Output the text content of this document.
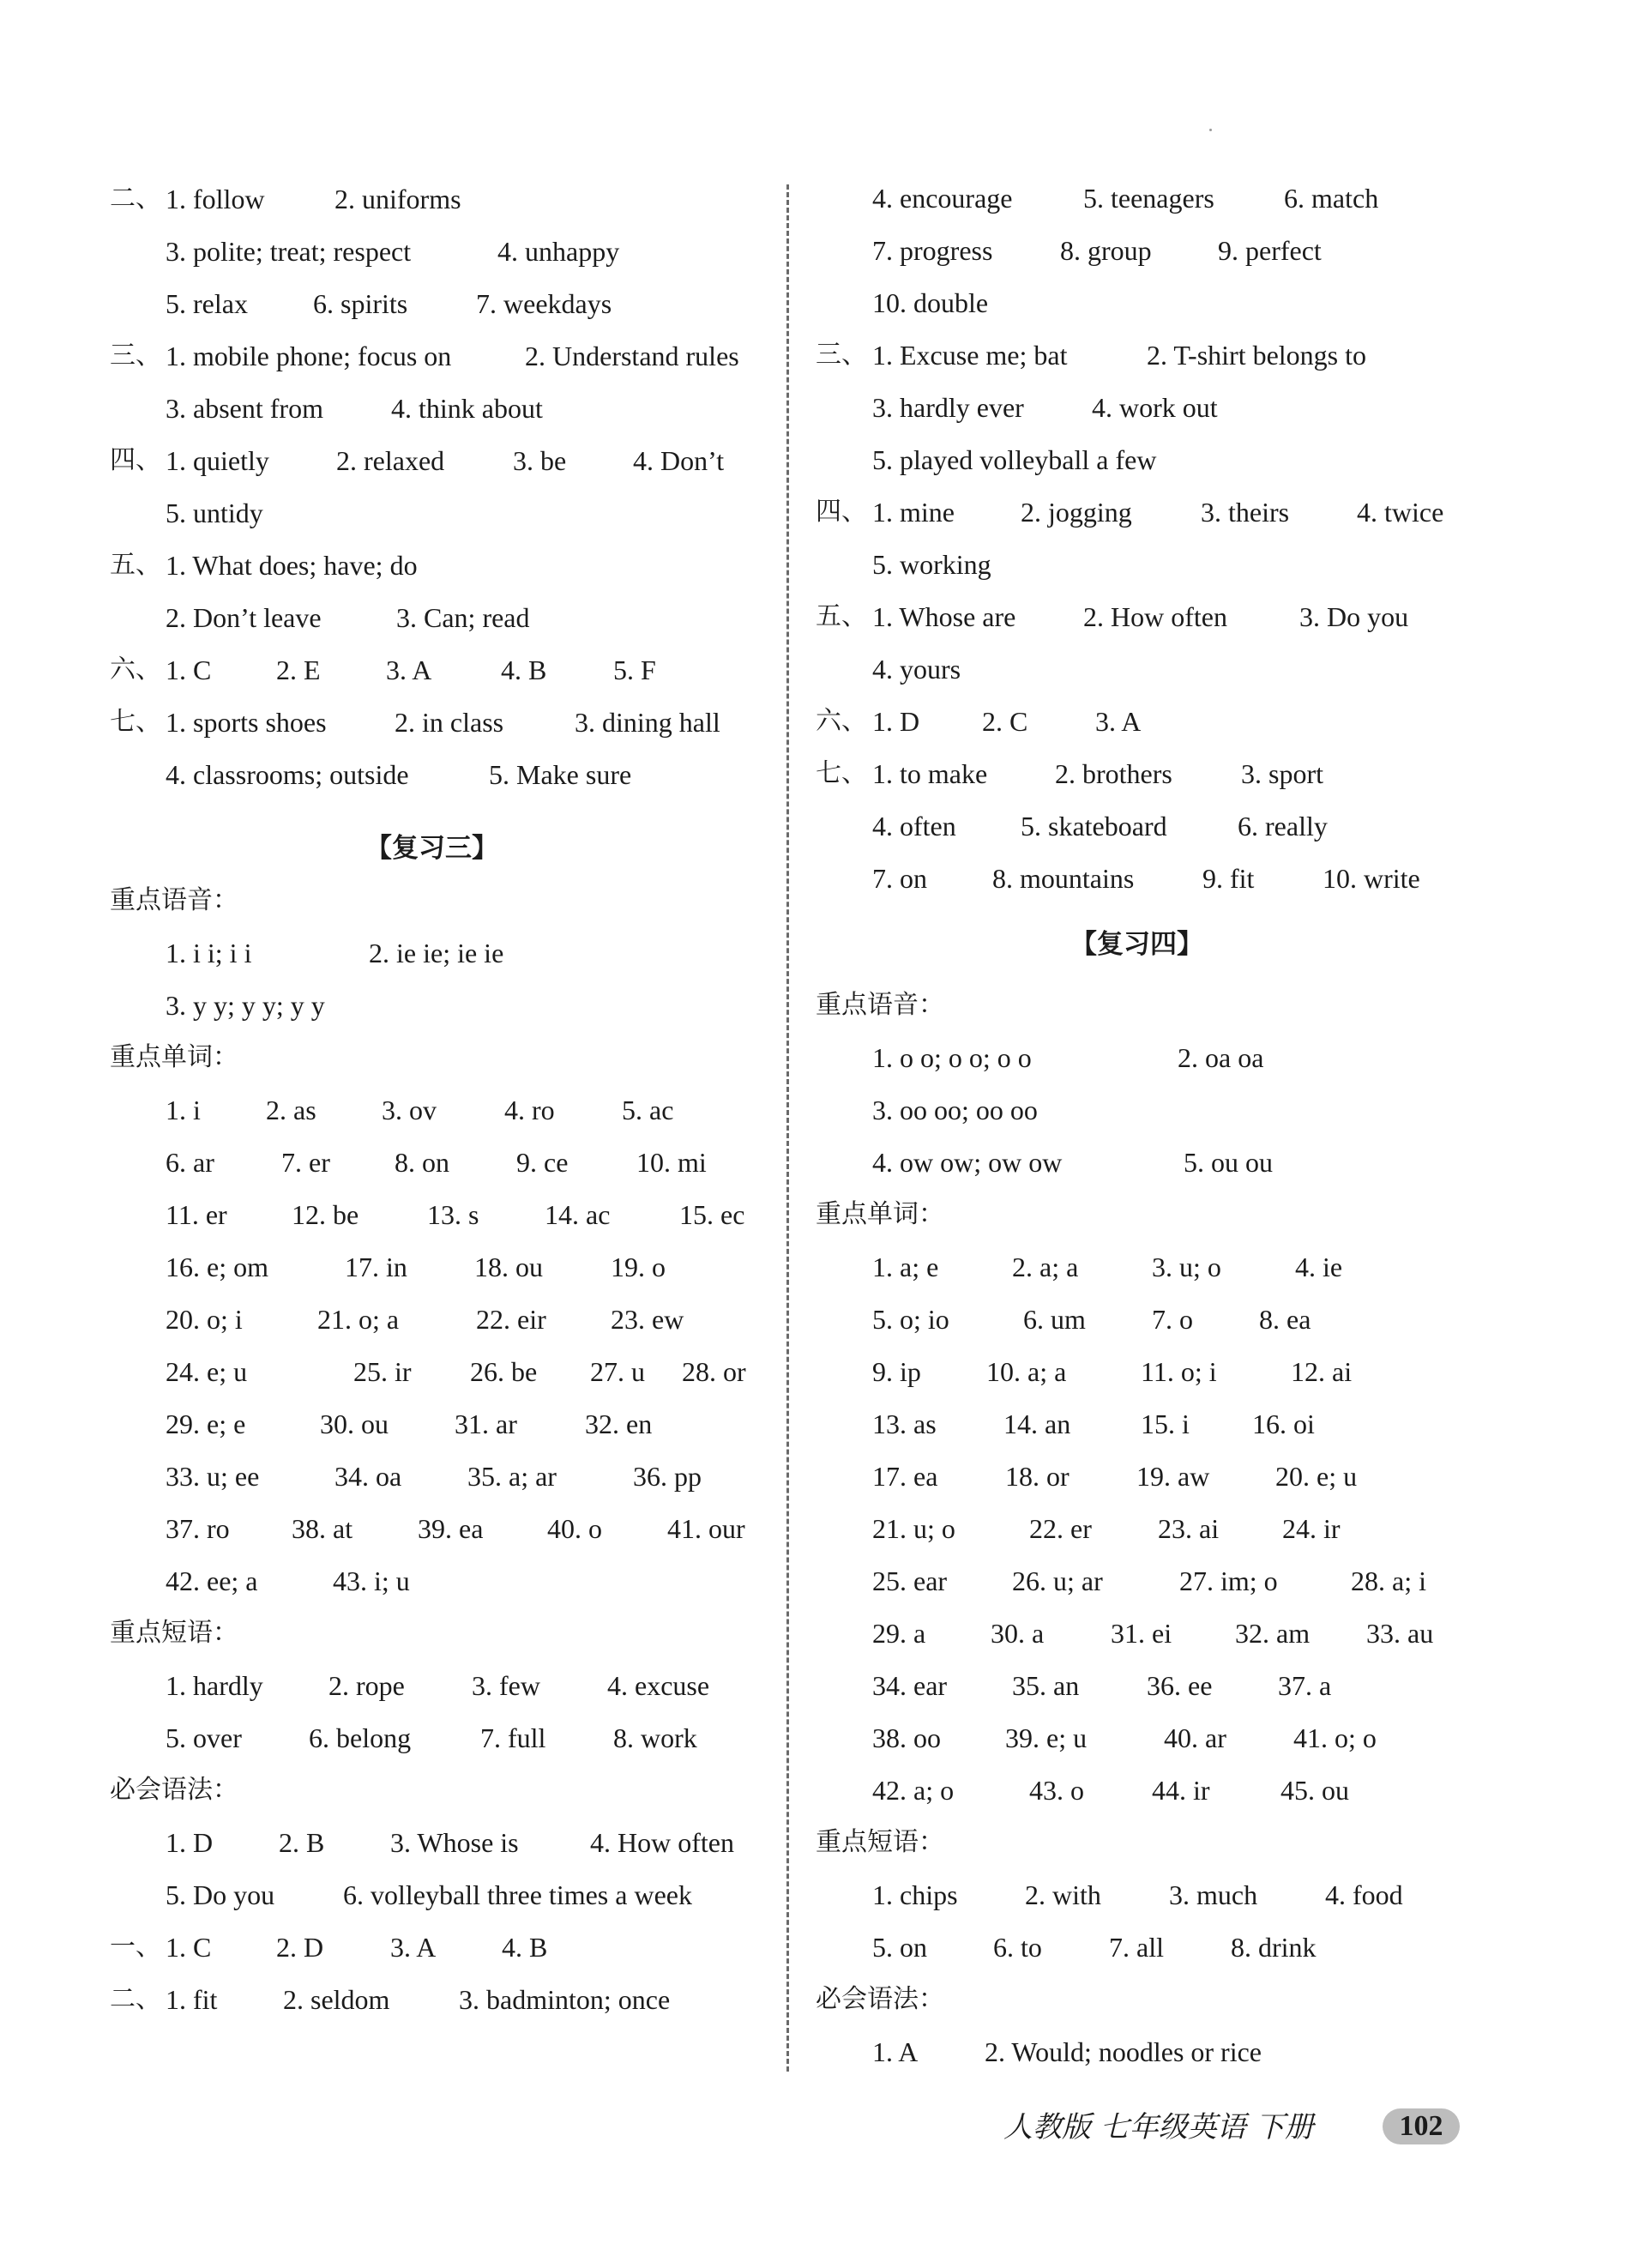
二、 1. follow	2. uniforms
3. polite; treat; respect	4. unhappy
5. relax 6. spirits 7. weekdays
三、 1. mobile phone; focus on	2. Understand rules
3. absent from 4. think about
四、 1. quietly 2. relaxed 3. be 4. Don’t
5. untidy
五、 1. What does; have; do
2. Don’t leave	3. Can; read
六、 1. C 2. E 3. A	4. B 5. F
七、 1. sports shoes 2. in class	3. dining hall
4. classrooms; outside	5. Make sure
重点语音：
1. i i; i i	2. ie ie; ie ie
3. y y; y y; y y
重点单词：
1. i 2. as 3. ov 4. ro 5. ac
6. ar 7. er 8. on 9. ce 10. mi
11. er 12. be 13. s 14. ac	15. ec
16. e; om	17. in 18. ou 19. o
20. o; i	21. o; a	22. eir 23. ew
24. e; u	25. ir 26. be 27. u 28. or
29. e; e	30. ou 31. ar 32. en
33. u; ee	34. oa 35. a; ar	36. pp
37. ro 38. at 39. ea 40. o 41. our
42. ee; a	43. i; u
重点短语：
1. hardly 2. rope 3. few 4. excuse
5. over 6. belong	7. full 8. work
必会语法：
1. D 2. B 3. Whose is	4. How often
5. Do you 6. volleyball three times a week
一、 1. C 2. D 3. A 4. B
二、 1. fit 2. seldom	3. badminton; once
【复习三】
4. encourage	5. teenagers	6. match
7. progress 8. group 9. perfect
10. double
三、 1. Excuse me; bat	2. T-shirt belongs to
3. hardly ever 4. work out
5. played volleyball a few
四、 1. mine 2. jogging	3. theirs 4. twice
5. working
五、 1. Whose are 2. How often	3. Do you
4. yours
六、 1. D 2. C 3. A
七、 1. to make 2. brothers	3. sport
4. often 5. skateboard	6. really
7. on 8. mountains 9. fit 10. write
重点语音：
1. o o; o o; o o	2. oa oa
3. oo oo; oo oo
4. ow ow; ow ow	5. ou ou
重点单词：
1. a; e	2. a; a	3. u; o	4. ie
5. o; io	6. um 7. o 8. ea
9. ip 10. a; a	11. o; i	12. ai
13. as 14. an	15. i 16. oi
17. ea 18. or 19. aw 20. e; u
21. u; o	22. er 23. ai 24. ir
25. ear 26. u; ar	27. im; o	28. a; i
29. a 30. a 31. ei 32. am 33. au
34. ear 35. an 36. ee 37. a
38. oo 39. e; u	40. ar 41. o; o
42. a; o	43. o 44. ir	45. ou
重点短语：
1. chips 2. with 3. much 4. food
5. on 6. to 7. all 8. drink
必会语法：
1. A 2. Would; noodles or rice
【复习四】
人教版 七年级英语 下册	102
